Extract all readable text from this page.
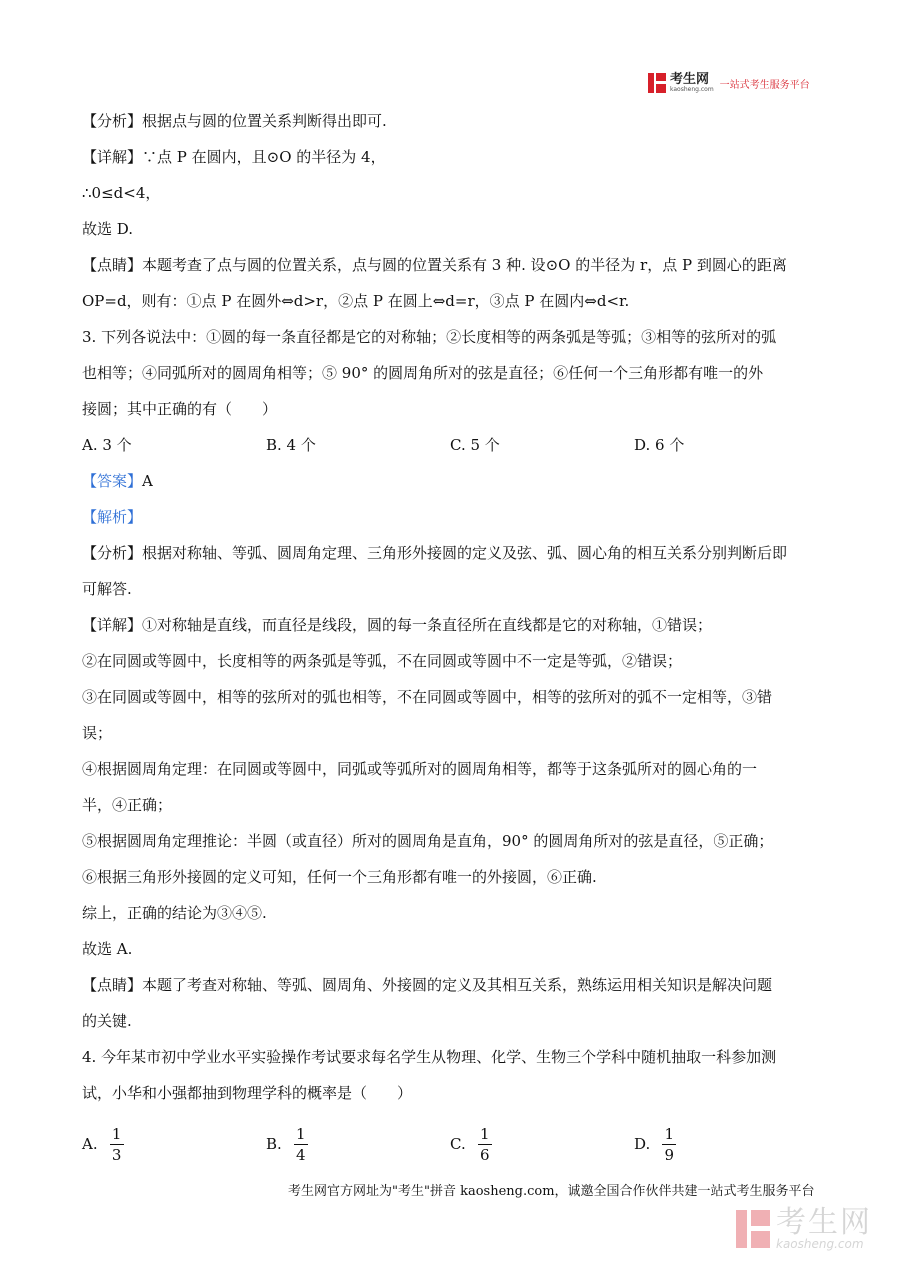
考生网
kaosheng.com 一站式考生服务平台
【分析】根据点与圆的位置关系判断得出即可.
【详解】∵点 P 在圆内，且⊙O 的半径为 4，
∴0≤d<4，
故选 D.
【点睛】本题考查了点与圆的位置关系，点与圆的位置关系有 3 种. 设⊙O 的半径为 r，点 P 到圆心的距离
OP=d，则有：①点 P 在圆外⇔d>r，②点 P 在圆上⇔d=r，③点 P 在圆内⇔d<r.
3. 下列各说法中：①圆的每一条直径都是它的对称轴；②长度相等的两条弧是等弧；③相等的弦所对的弧
也相等；④同弧所对的圆周角相等；⑤ 90° 的圆周角所对的弦是直径；⑥任何一个三角形都有唯一的外
接圆；其中正确的有（　　）
A. 3 个	B. 4 个	C. 5 个	D. 6 个
【答案】A
【解析】
【分析】根据对称轴、等弧、圆周角定理、三角形外接圆的定义及弦、弧、圆心角的相互关系分别判断后即
可解答.
【详解】①对称轴是直线，而直径是线段，圆的每一条直径所在直线都是它的对称轴，①错误；
②在同圆或等圆中，长度相等的两条弧是等弧，不在同圆或等圆中不一定是等弧，②错误；
③在同圆或等圆中，相等的弦所对的弧也相等，不在同圆或等圆中，相等的弦所对的弧不一定相等，③错
误；
④根据圆周角定理：在同圆或等圆中，同弧或等弧所对的圆周角相等，都等于这条弧所对的圆心角的一
半，④正确；
⑤根据圆周角定理推论：半圆（或直径）所对的圆周角是直角，90° 的圆周角所对的弦是直径，⑤正确；
⑥根据三角形外接圆的定义可知，任何一个三角形都有唯一的外接圆，⑥正确.
综上，正确的结论为③④⑤.
故选 A.
【点睛】本题了考查对称轴、等弧、圆周角、外接圆的定义及其相互关系，熟练运用相关知识是解决问题
的关键.
4. 今年某市初中学业水平实验操作考试要求每名学生从物理、化学、生物三个学科中随机抽取一科参加测
试，小华和小强都抽到物理学科的概率是（　　）
A. $\frac{1}{3}$	B. $\frac{1}{4}$	C. $\frac{1}{6}$	D. $\frac{1}{9}$
考生网官方网址为"考生"拼音 kaosheng.com，诚邀全国合作伙伴共建一站式考生服务平台
考生网
kaosheng.com
